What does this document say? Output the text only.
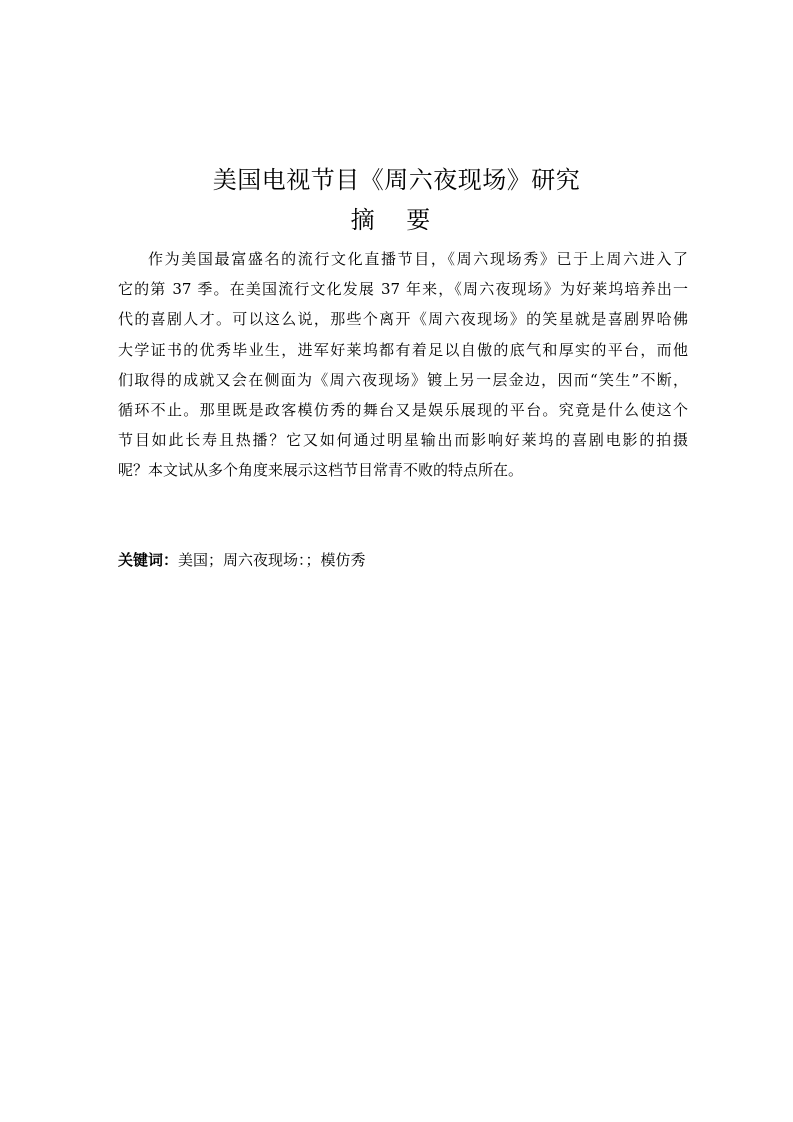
美国电视节目《周六夜现场》研究
摘 要
作为美国最富盛名的流行文化直播节目，《周六现场秀》已于上周六进入了
它的第 37 季。在美国流行文化发展 37 年来，《周六夜现场》为好莱坞培养出一
代的喜剧人才。可以这么说，那些个离开《周六夜现场》的笑星就是喜剧界哈佛
大学证书的优秀毕业生，进军好莱坞都有着足以自傲的底气和厚实的平台，而他
们取得的成就又会在侧面为《周六夜现场》镀上另一层金边，因而“笑生”不断，
循环不止。那里既是政客模仿秀的舞台又是娱乐展现的平台。究竟是什么使这个
节目如此长寿且热播？它又如何通过明星输出而影响好莱坞的喜剧电影的拍摄
呢？本文试从多个角度来展示这档节目常青不败的特点所在。
关键词：美国；周六夜现场：；模仿秀
